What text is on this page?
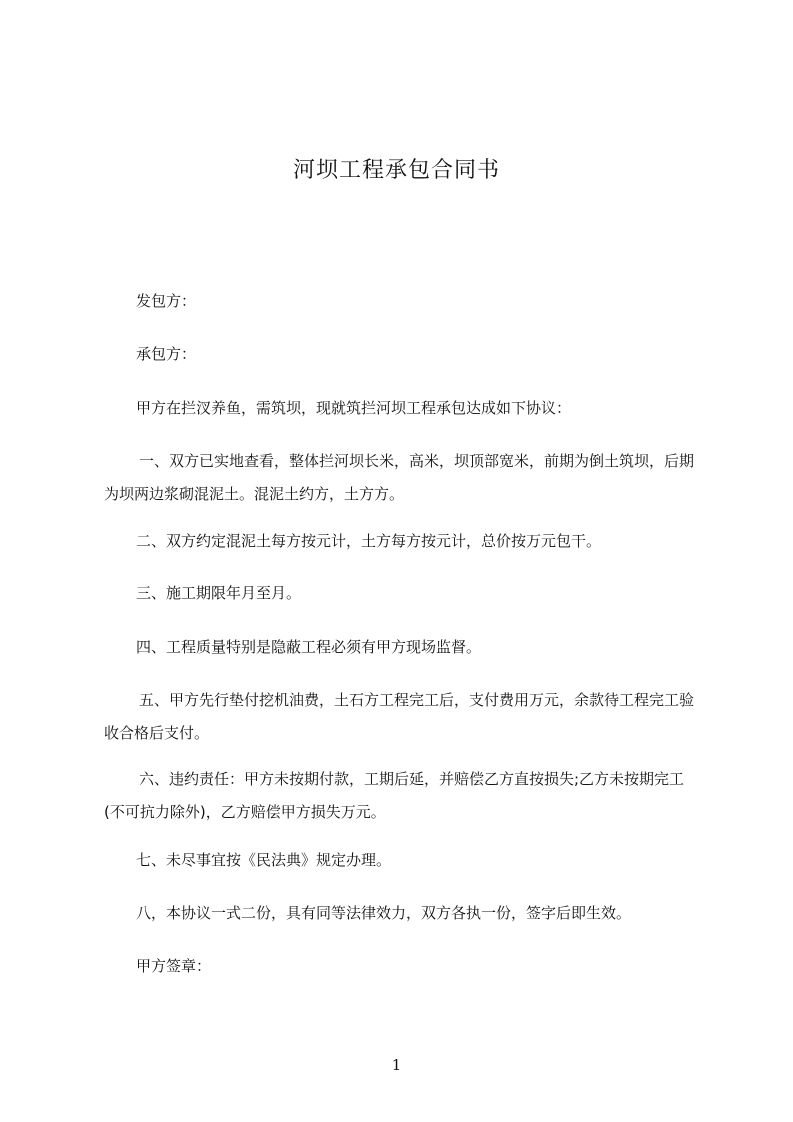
河坝工程承包合同书

发包方：

承包方：

甲方在拦汊养鱼，需筑坝，现就筑拦河坝工程承包达成如下协议：

一、双方已实地查看，整体拦河坝长米，高米，坝顶部宽米，前期为倒土筑坝，后期为坝两边浆砌混泥土。混泥土约方，土方方。

二、双方约定混泥土每方按元计，土方每方按元计，总价按万元包干。

三、施工期限年月至月。

四、工程质量特别是隐蔽工程必须有甲方现场监督。

五、甲方先行垫付挖机油费，土石方工程完工后，支付费用万元，余款待工程完工验收合格后支付。

六、违约责任：甲方未按期付款，工期后延，并赔偿乙方直按损失;乙方未按期完工(不可抗力除外)，乙方赔偿甲方损失万元。

七、未尽事宜按《民法典》规定办理。

八，本协议一式二份，具有同等法律效力，双方各执一份，签字后即生效。

甲方签章：

1
